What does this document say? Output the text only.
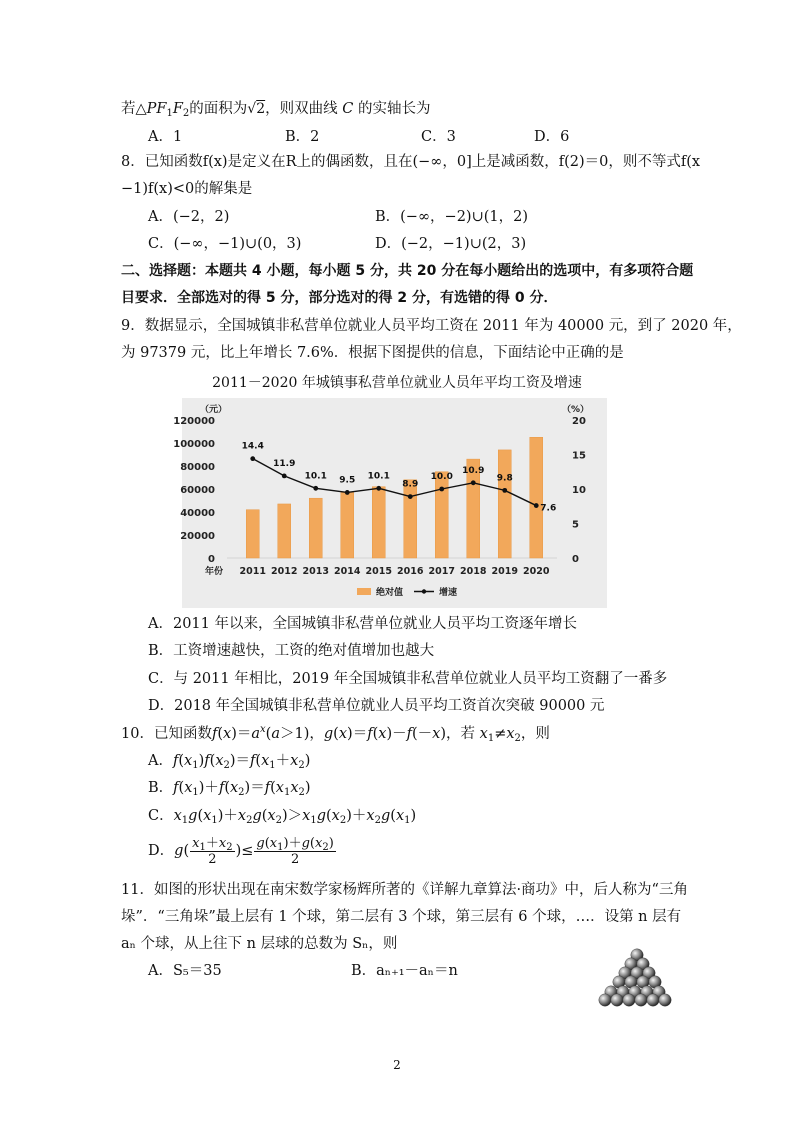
若$\triangle PF_1F_2$的面积为√2，则双曲线 C 的实轴长为
A．1	B．2	C．3	D．6
8．已知函数f(x)是定义在R上的偶函数，且在(−∞，0]上是减函数，f(2)＝0，则不等式f(x
−1)f(x)<0的解集是
A．(−2，2)	B．(−∞，−2)∪(1，2)
C．(−∞，−1)∪(0，3)	D．(−2，−1)∪(2，3)
二、选择题：本题共 4 小题，每小题 5 分，共 20 分在每小题给出的选项中，有多项符合题
目要求．全部选对的得 5 分，部分选对的得 2 分，有选错的得 0 分．
9．数据显示，全国城镇非私营单位就业人员平均工资在 2011 年为 40000 元，到了 2020 年，
为 97379 元，比上年增长 7.6%．根据下图提供的信息，下面结论中正确的是
2011－2020 年城镇事私营单位就业人员年平均工资及增速
（元）	（%）
0
20000
40000
60000
80000
100000
120000
0
5
10
15
20
14.4
11.9
10.1 9.5 10.1
8.9
10.0
10.9
9.8
7.6
年份 2011 2012 2013 2014 2015 2016 2017 2018 2019 2020
绝对值	增速
A．2011 年以来，全国城镇非私营单位就业人员平均工资逐年增长
B．工资增速越快，工资的绝对值增加也越大
C．与 2011 年相比，2019 年全国城镇非私营单位就业人员平均工资翻了一番多
D．2018 年全国城镇非私营单位就业人员平均工资首次突破 90000 元
10．已知函数$f(x)=a^x(a>1)$，g(x)＝f(x)－f(－x)，若 $x_1\ne x_2$，则
A．$f(x_1)f(x_2)=f(x_1+x_2)$
B．$f(x_1)+f(x_2)=f(x_1x_2)$
C．$x_1g(x_1)+x_2g(x_2)>x_1g(x_2)+x_2g(x_1)$
D．$g( \frac{x_1+x_2}{2}$ )≤ $\frac{g(x_1)+g(x_2)}{2}$
11．如图的形状出现在南宋数学家杨辉所著的《详解九章算法·商功》中，后人称为“三角
垛”．“三角垛”最上层有 1 个球，第二层有 3 个球，第三层有 6 个球，…．设第 n 层有
aₙ 个球，从上往下 n 层球的总数为 Sₙ，则
A．S₅＝35	B．aₙ₊₁－aₙ＝n
2
